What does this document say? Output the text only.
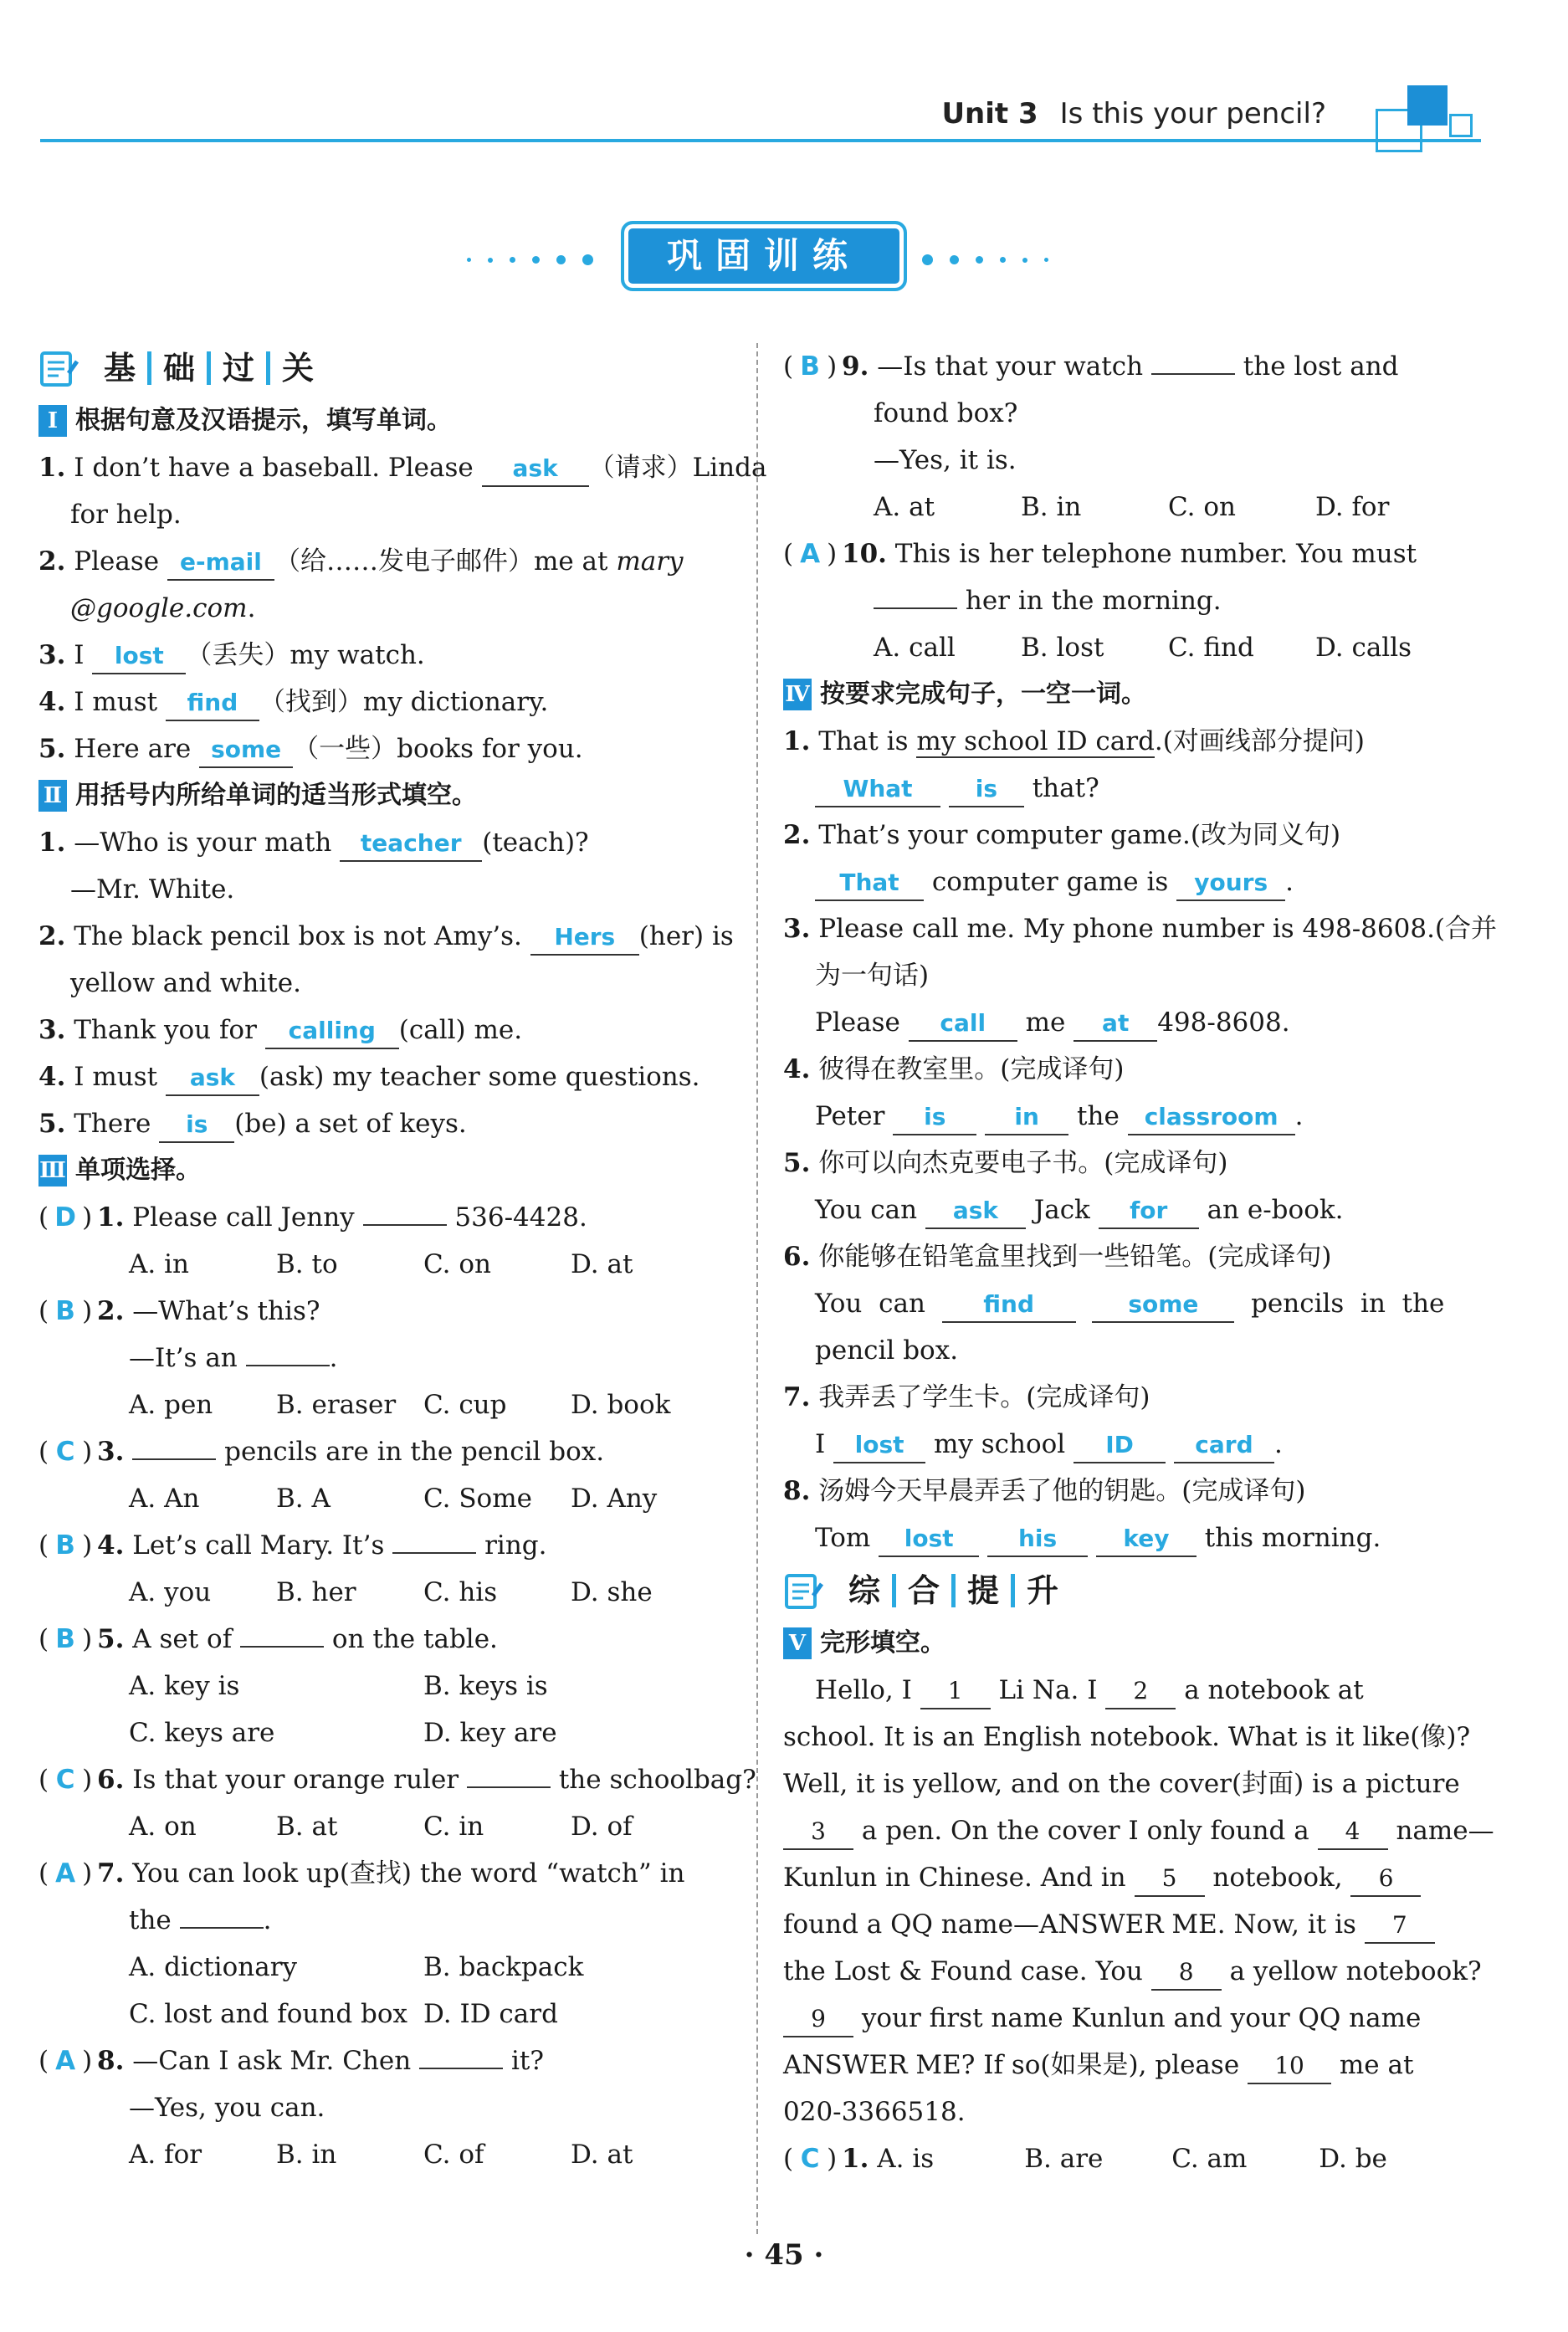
Unit 3 Is this your pencil?
巩固训练
基 础 过 关
Ⅰ 根据句意及汉语提示，填写单词。
1. I don’t have a baseball. Please ask （请求）Linda
for help.
2. Please e-mail （给……发电子邮件）me at mary
@google.com.
3. I lost （丢失）my watch.
4. I must find （找到）my dictionary.
5. Here are some （一些）books for you.
Ⅱ 用括号内所给单词的适当形式填空。
1. —Who is your math teacher (teach)?
—Mr. White.
2. The black pencil box is not Amy’s. Hers (her) is
yellow and white.
3. Thank you for calling (call) me.
4. I must ask (ask) my teacher some questions.
5. There is (be) a set of keys.
Ⅲ 单项选择。
( D ) 1. Please call Jenny	536-4428.
A. in	B. to	C. on	D. at
( B ) 2. —What’s this?
—It’s an	.
A. pen B. eraser C. cup D. book
( C ) 3.	pencils are in the pencil box.
A. An	B. A	C. Some D. Any
( B ) 4. Let’s call Mary. It’s	ring.
A. you	B. her	C. his	D. she
( B ) 5. A set of	on the table.
A. key is	B. keys is
C. keys are	D. key are
( C ) 6. Is that your orange ruler	the schoolbag?
A. on	B. at	C. in	D. of
( A ) 7. You can look up(查找) the word “watch” in
the	.
A. dictionary	B. backpack
C. lost and found box D. ID card
( A ) 8. —Can I ask Mr. Chen	it?
—Yes, you can.
A. for	B. in	C. of	D. at
( B ) 9. —Is that your watch	the lost and
found box?
—Yes, it is.
A. at	B. in	C. on	D. for
( A ) 10. This is her telephone number. You must
her in the morning.
A. call	B. lost C. find D. calls
Ⅳ 按要求完成句子，一空一词。
1. That is my school ID card.(对画线部分提问)
What	is that?
2. That’s your computer game.(改为同义句)
That computer game is yours .
3. Please call me. My phone number is 498-8608.(合并
为一句话)
Please call me at 498-8608.
4. 彼得在教室里。(完成译句)
Peter is	in the classroom .
5. 你可以向杰克要电子书。(完成译句)
You can ask Jack for an e-book.
6. 你能够在铅笔盒里找到一些铅笔。(完成译句)
You  can find	some pencils  in  the
pencil box.
7. 我弄丢了学生卡。(完成译句)
I lost my school ID	card .
8. 汤姆今天早晨弄丢了他的钥匙。(完成译句)
Tom lost	his	key this morning.
综 合 提 升
Ⅴ 完形填空。
Hello, I 1 Li Na. I 2 a notebook at
school. It is an English notebook. What is it like(像)?
Well, it is yellow, and on the cover(封面) is a picture
3 a pen. On the cover I only found a 4 name—
Kunlun in Chinese. And in 5 notebook, 6
found a QQ name—ANSWER ME. Now, it is 7
the Lost & Found case. You 8 a yellow notebook?
9 your first name Kunlun and your QQ name
ANSWER ME? If so(如果是), please 10 me at
020-3366518.
( C ) 1. A. is	B. are	C. am	D. be
· 45 ·
